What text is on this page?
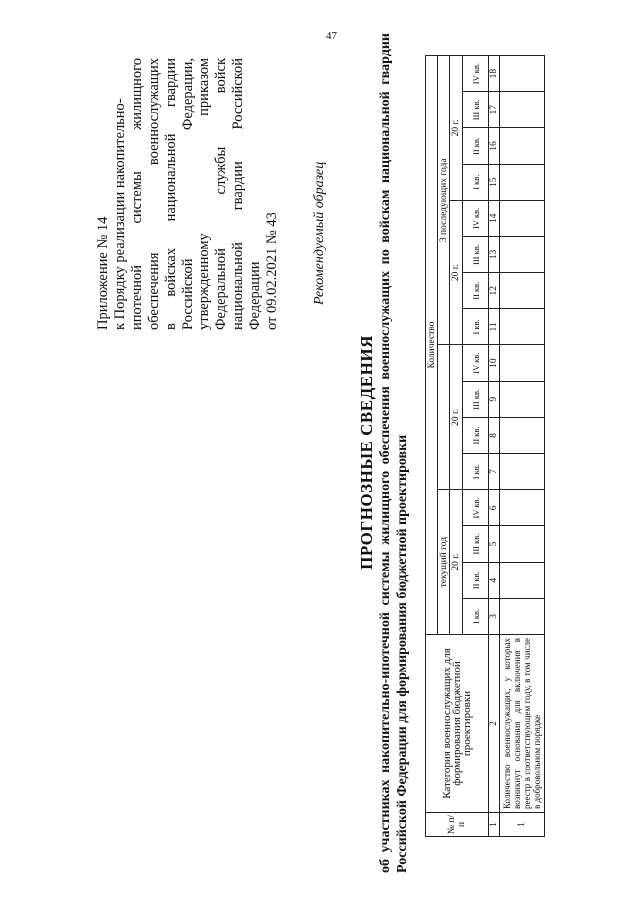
47
Приложение № 14 к Порядку реализации накопительно- ипотечной системы жилищного обеспечения военнослужащих в войсках национальной гвардии Российской Федерации, утвержденному приказом Федеральной службы войск национальной гвардии Российской Федерации от 09.02.2021 № 43 Рекомендуемый образец
ПРОГНОЗНЫЕ СВЕДЕНИЯ об участниках накопительно-ипотечной системы жилищного обеспечения военнослужащих по войскам национальной гвардии Российской Федерации для формирования бюджетной проектировки	№ п/п	Категория военнослужащих для формирования бюджетной проектировки	Количество															
		текущий год								3 последующих года							
		20 г.				20 г.				20 г.				20 г.			
		I кв.	II кв.	III кв.	IV кв.	I кв.	II кв.	III кв.	IV кв.	I кв.	II кв.	III кв.	IV кв.	I кв.	II кв.	III кв.	IV кв.
1	2	3	4	5	6	7	8	9	10	11	12	13	14	15	16	17	18
1	Количество военнослужащих, у которых возникнут основания для включения в реестр в соответствующем году, в том числе в добровольном порядке																
